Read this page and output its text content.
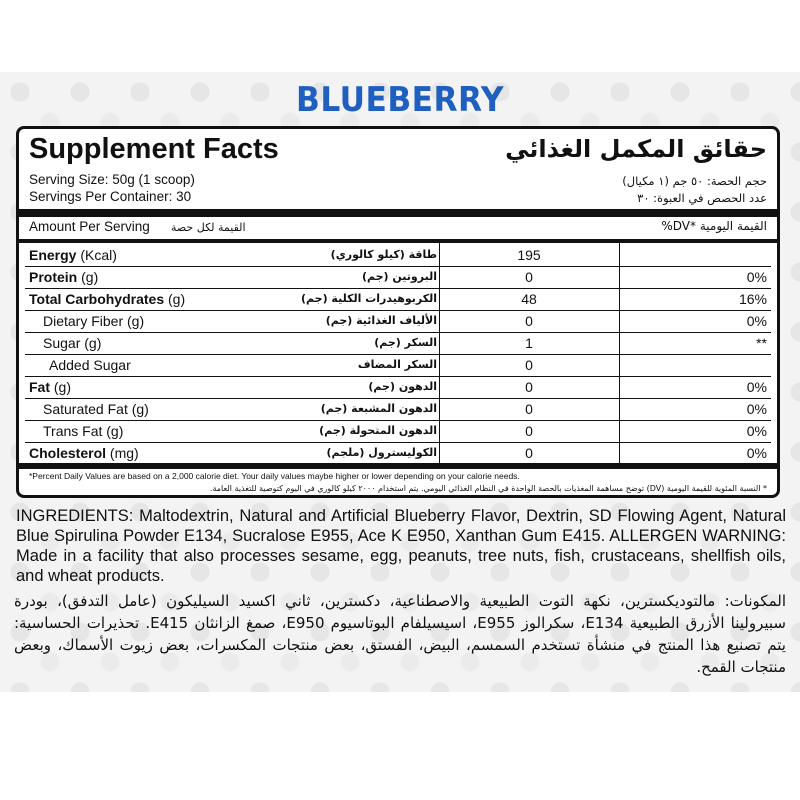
BLUEBERRY
Supplement Facts	حقائق المكمل الغذائي
Serving Size: 50g (1 scoop)
Servings Per Container: 30
حجم الحصة: ٥٠ جم (١ مكيال)
عدد الحصص في العبوة: ٣٠
Amount Per Serving القيمة لكل حصة	القيمة اليومية *DV%
Energy (Kcal)	طاقة (كيلو كالوري)	195
Protein (g)	البروتين (جم)	0	0%
Total Carbohydrates (g)	الكربوهيدرات الكلية (جم)	48	16%
Dietary Fiber (g)	الألياف الغذائية (جم)	0	0%
Sugar (g)	السكر (جم)	1	**
Added Sugar	السكر المضاف	0
Fat (g)	الدهون (جم)	0	0%
Saturated Fat (g)	الدهون المشبعة (جم)	0	0%
Trans Fat (g)	الدهون المتحولة (جم)	0	0%
Cholesterol (mg)	الكوليسترول (ملجم)	0	0%
*Percent Daily Values are based on a 2,000 calorie diet. Your daily values maybe higher or lower depending on your calorie needs.
* النسبة المئوية للقيمة اليومية (DV) توضح مساهمة المغذيات بالحصة الواحدة في النظام الغذائي اليومي. يتم استخدام ٢٠٠٠ كيلو كالوري في اليوم كتوصية للتغذية العامة.
INGREDIENTS: Maltodextrin, Natural and Artificial Blueberry Flavor, Dextrin, SD Flowing Agent, Natural Blue Spirulina Powder E134, Sucralose E955, Ace K E950, Xanthan Gum E415. ALLERGEN WARNING: Made in a facility that also processes sesame, egg, peanuts, tree nuts, fish, crustaceans, shellfish oils, and wheat products.
المكونات: مالتوديكسترين، نكهة التوت الطبيعية والاصطناعية، دكسترين، ثاني اكسيد السيليكون (عامل التدفق)، بودرة سبيرولينا الأزرق الطبيعية E134، سكرالوز E955، اسيسيلفام البوتاسيوم E950، صمغ الزانثان E415. تحذيرات الحساسية: يتم تصنيع هذا المنتج في منشأة تستخدم السمسم، البيض، الفستق، بعض منتجات المكسرات، بعض زيوت الأسماك، وبعض منتجات القمح.
